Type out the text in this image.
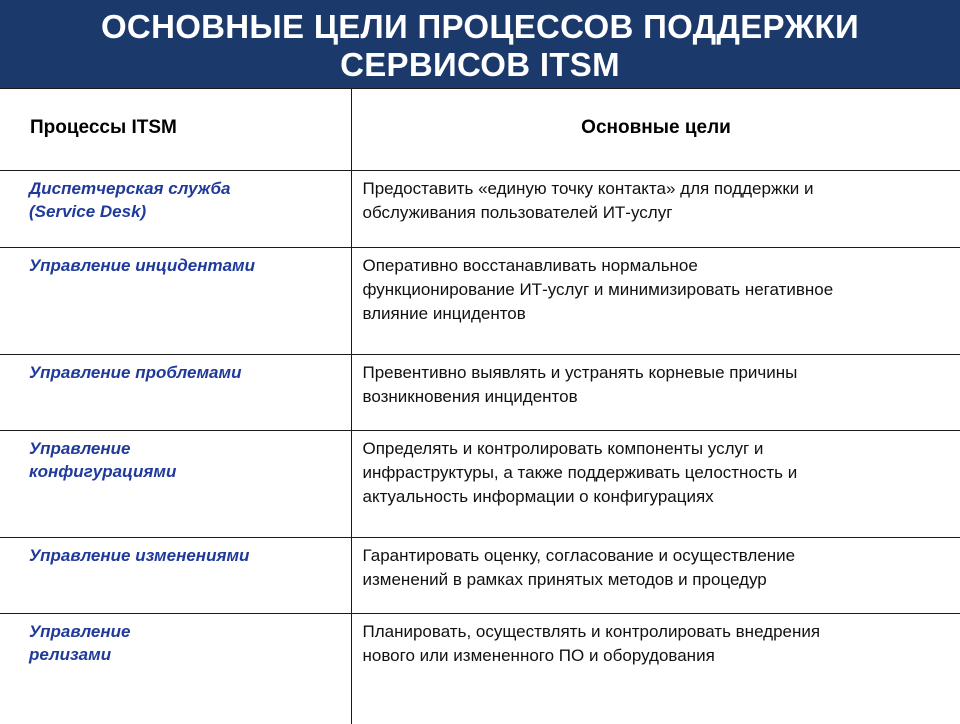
ОСНОВНЫЕ ЦЕЛИ ПРОЦЕССОВ ПОДДЕРЖКИ
СЕРВИСОВ ITSM
Процессы ITSM	Основные цели

Диспетчерская служба
(Service Desk)	Предоставить «единую точку контакта» для поддержки и
обслуживания пользователей ИТ-услуг

Управление инцидентами	Оперативно восстанавливать нормальное
функционирование ИТ-услуг и минимизировать негативное
влияние инцидентов

Управление проблемами	Превентивно выявлять и устранять корневые причины
возникновения инцидентов

Управление
конфигурациями	Определять и контролировать компоненты услуг и
инфраструктуры, а также поддерживать целостность и
актуальность информации о конфигурациях

Управление изменениями	Гарантировать оценку, согласование и осуществление
изменений в рамках принятых методов и процедур

Управление
релизами	Планировать, осуществлять и контролировать внедрения
нового или измененного ПО и оборудования
